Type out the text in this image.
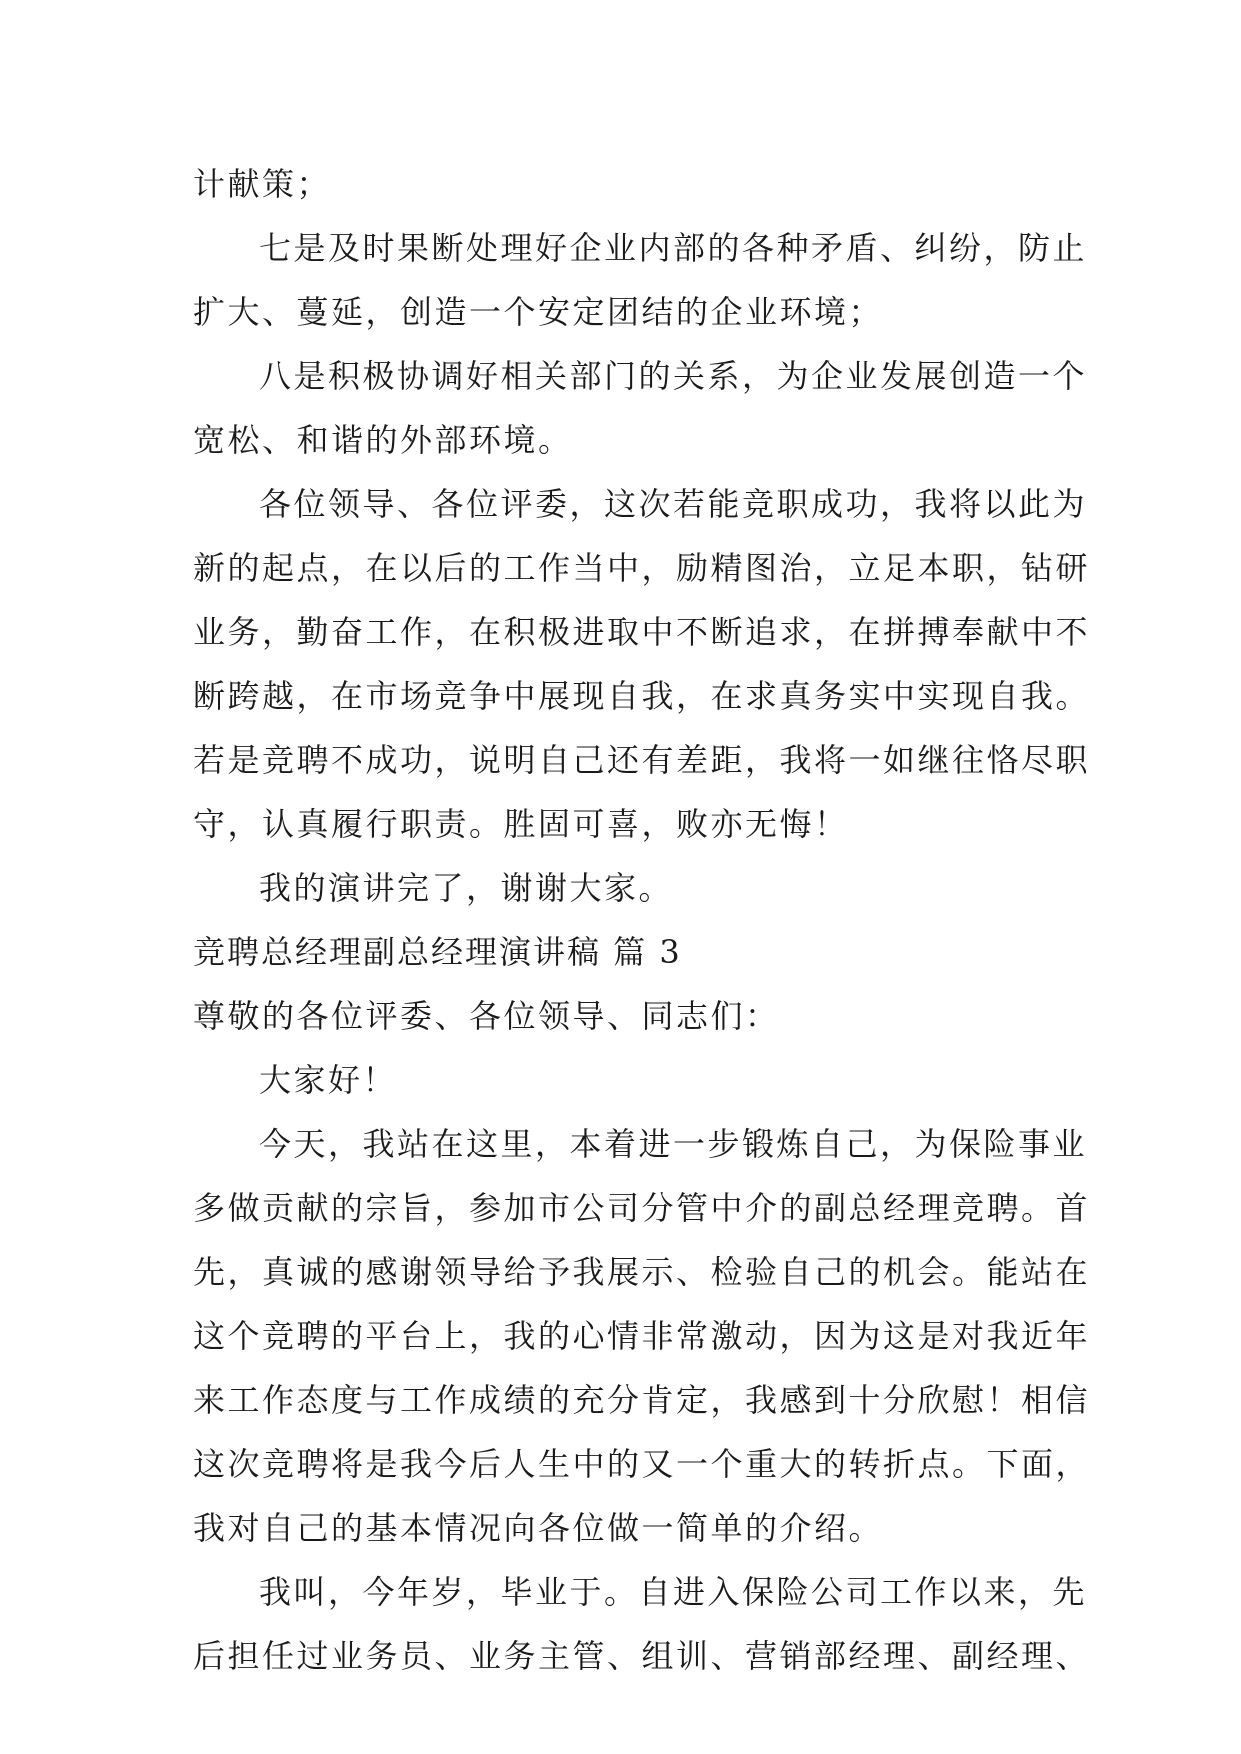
计献策；
七是及时果断处理好企业内部的各种矛盾、纠纷，防止
扩大、蔓延，创造一个安定团结的企业环境；
八是积极协调好相关部门的关系，为企业发展创造一个
宽松、和谐的外部环境。
各位领导、各位评委，这次若能竞职成功，我将以此为
新的起点，在以后的工作当中，励精图治，立足本职，钻研
业务，勤奋工作，在积极进取中不断追求，在拼搏奉献中不
断跨越，在市场竞争中展现自我，在求真务实中实现自我。
若是竞聘不成功，说明自己还有差距，我将一如继往恪尽职
守，认真履行职责。胜固可喜，败亦无悔！
我的演讲完了，谢谢大家。
竞聘总经理副总经理演讲稿 篇 3
尊敬的各位评委、各位领导、同志们：
大家好！
今天，我站在这里，本着进一步锻炼自己，为保险事业
多做贡献的宗旨，参加市公司分管中介的副总经理竞聘。首
先，真诚的感谢领导给予我展示、检验自己的机会。能站在
这个竞聘的平台上，我的心情非常激动，因为这是对我近年
来工作态度与工作成绩的充分肯定，我感到十分欣慰！相信
这次竞聘将是我今后人生中的又一个重大的转折点。下面，
我对自己的基本情况向各位做一简单的介绍。
我叫，今年岁，毕业于。自进入保险公司工作以来，先
后担任过业务员、业务主管、组训、营销部经理、副经理、
